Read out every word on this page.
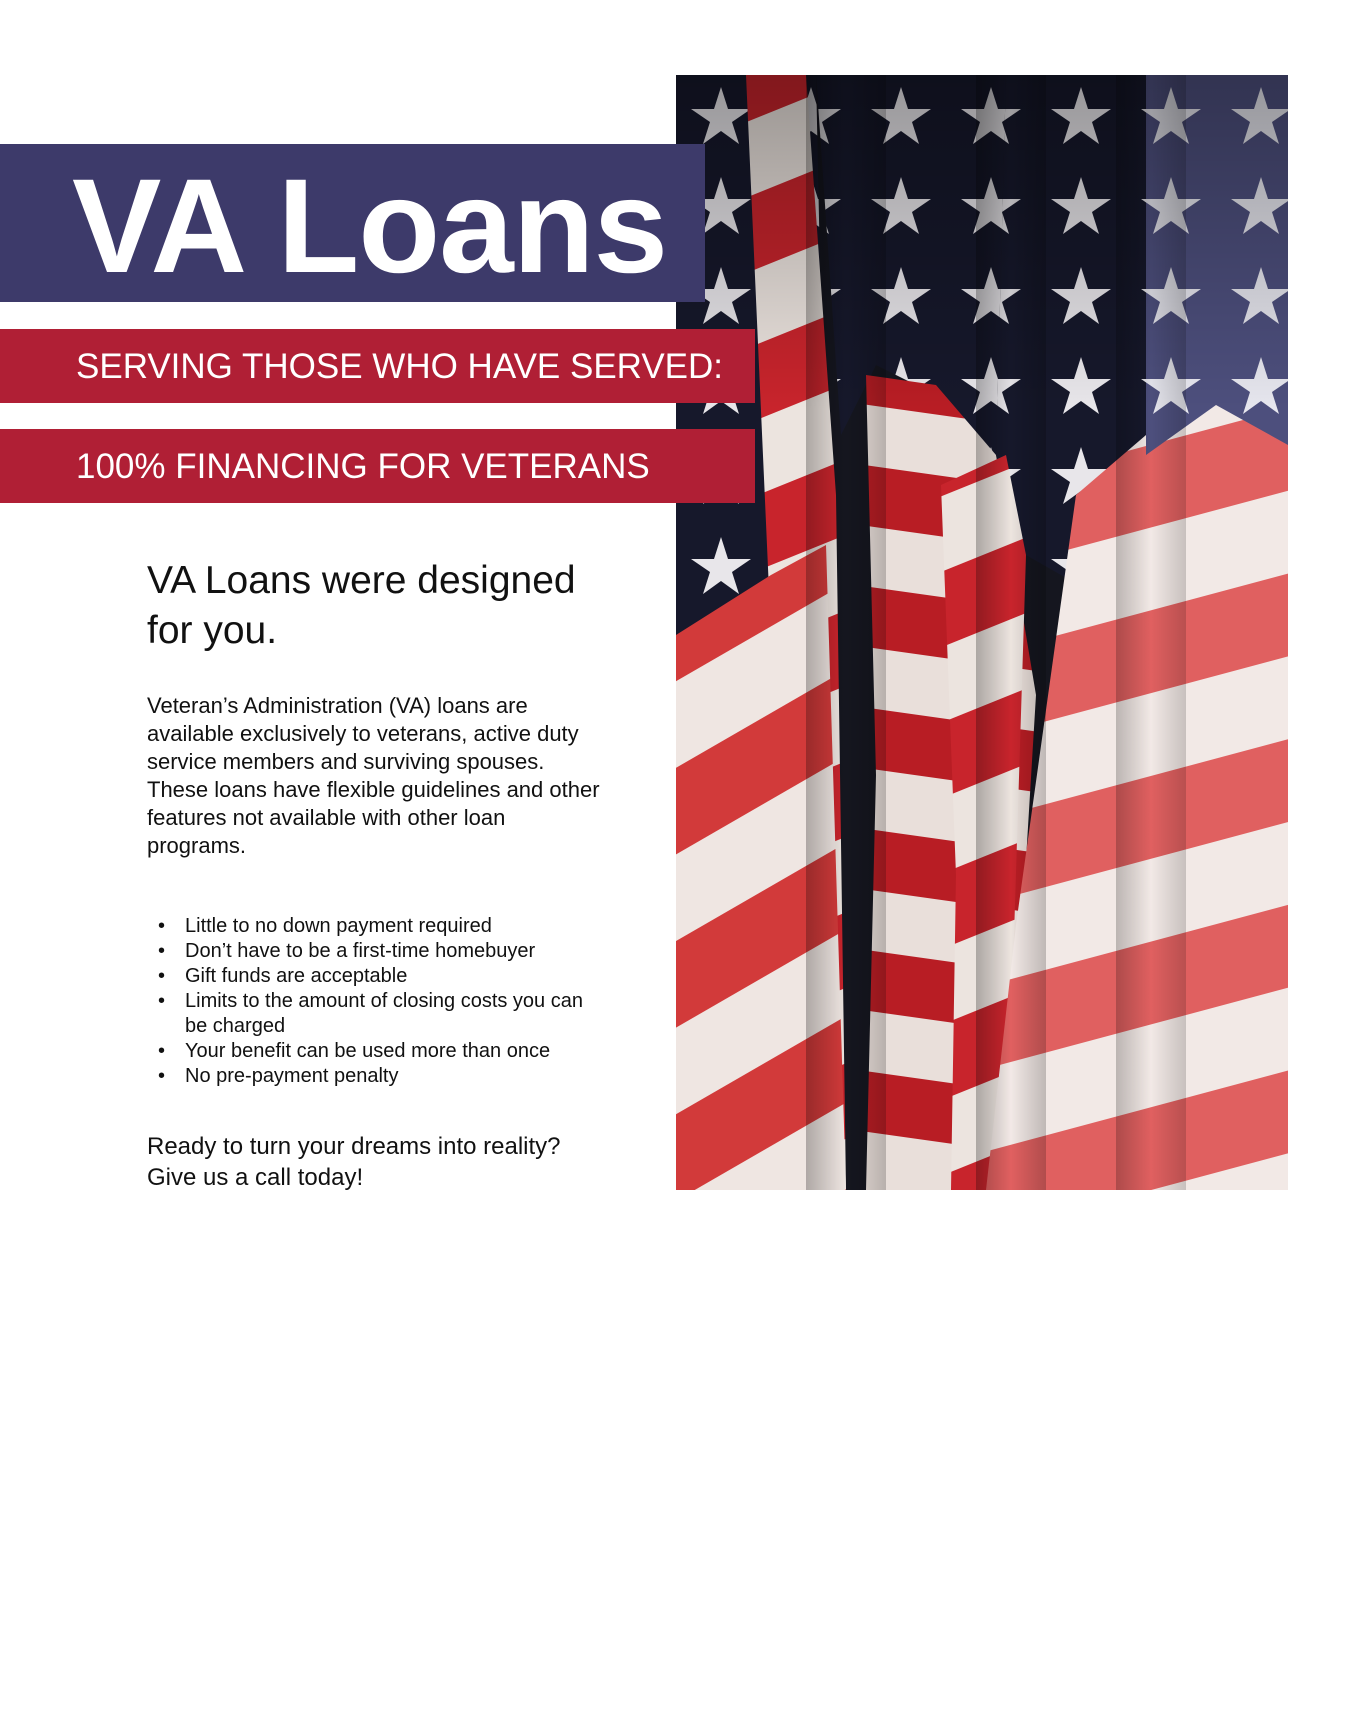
VA Loans
SERVING THOSE WHO HAVE SERVED:
100% FINANCING FOR VETERANS
VA Loans were designed for you.

Veteran’s Administration (VA) loans are available exclusively to veterans, active duty service members and surviving spouses. These loans have flexible guidelines and other features not available with other loan programs.

• Little to no down payment required
• Don’t have to be a first-time homebuyer
• Gift funds are acceptable
• Limits to the amount of closing costs you can be charged
• Your benefit can be used more than once
• No pre-payment penalty

Ready to turn your dreams into reality?
Give us a call today!
